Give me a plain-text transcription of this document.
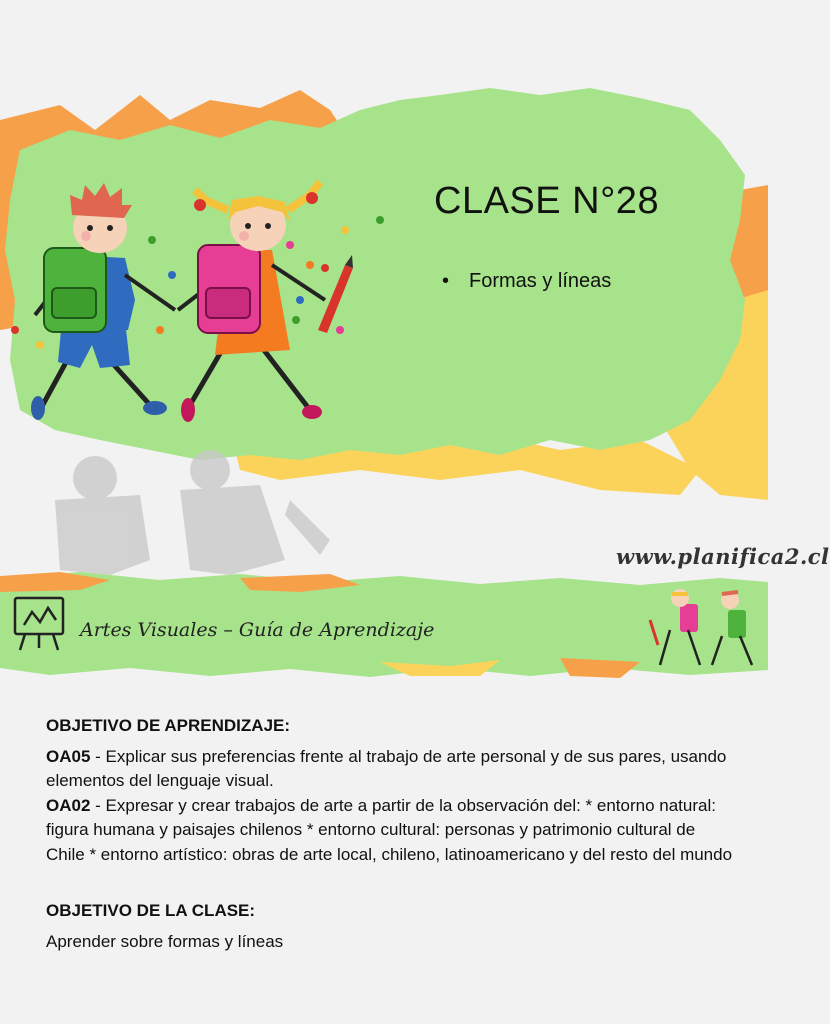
CLASE N°28
• Formas y líneas
www.planifica2.cl
Artes Visuales – Guía de Aprendizaje
OBJETIVO DE APRENDIZAJE:

OA05 - Explicar sus preferencias frente al trabajo de arte personal y de sus pares, usando elementos del lenguaje visual.

OA02 - Expresar y crear trabajos de arte a partir de la observación del: * entorno natural: figura humana y paisajes chilenos * entorno cultural: personas y patrimonio cultural de Chile * entorno artístico: obras de arte local, chileno, latinoamericano y del resto del mundo

OBJETIVO DE LA CLASE:

Aprender sobre formas y líneas
